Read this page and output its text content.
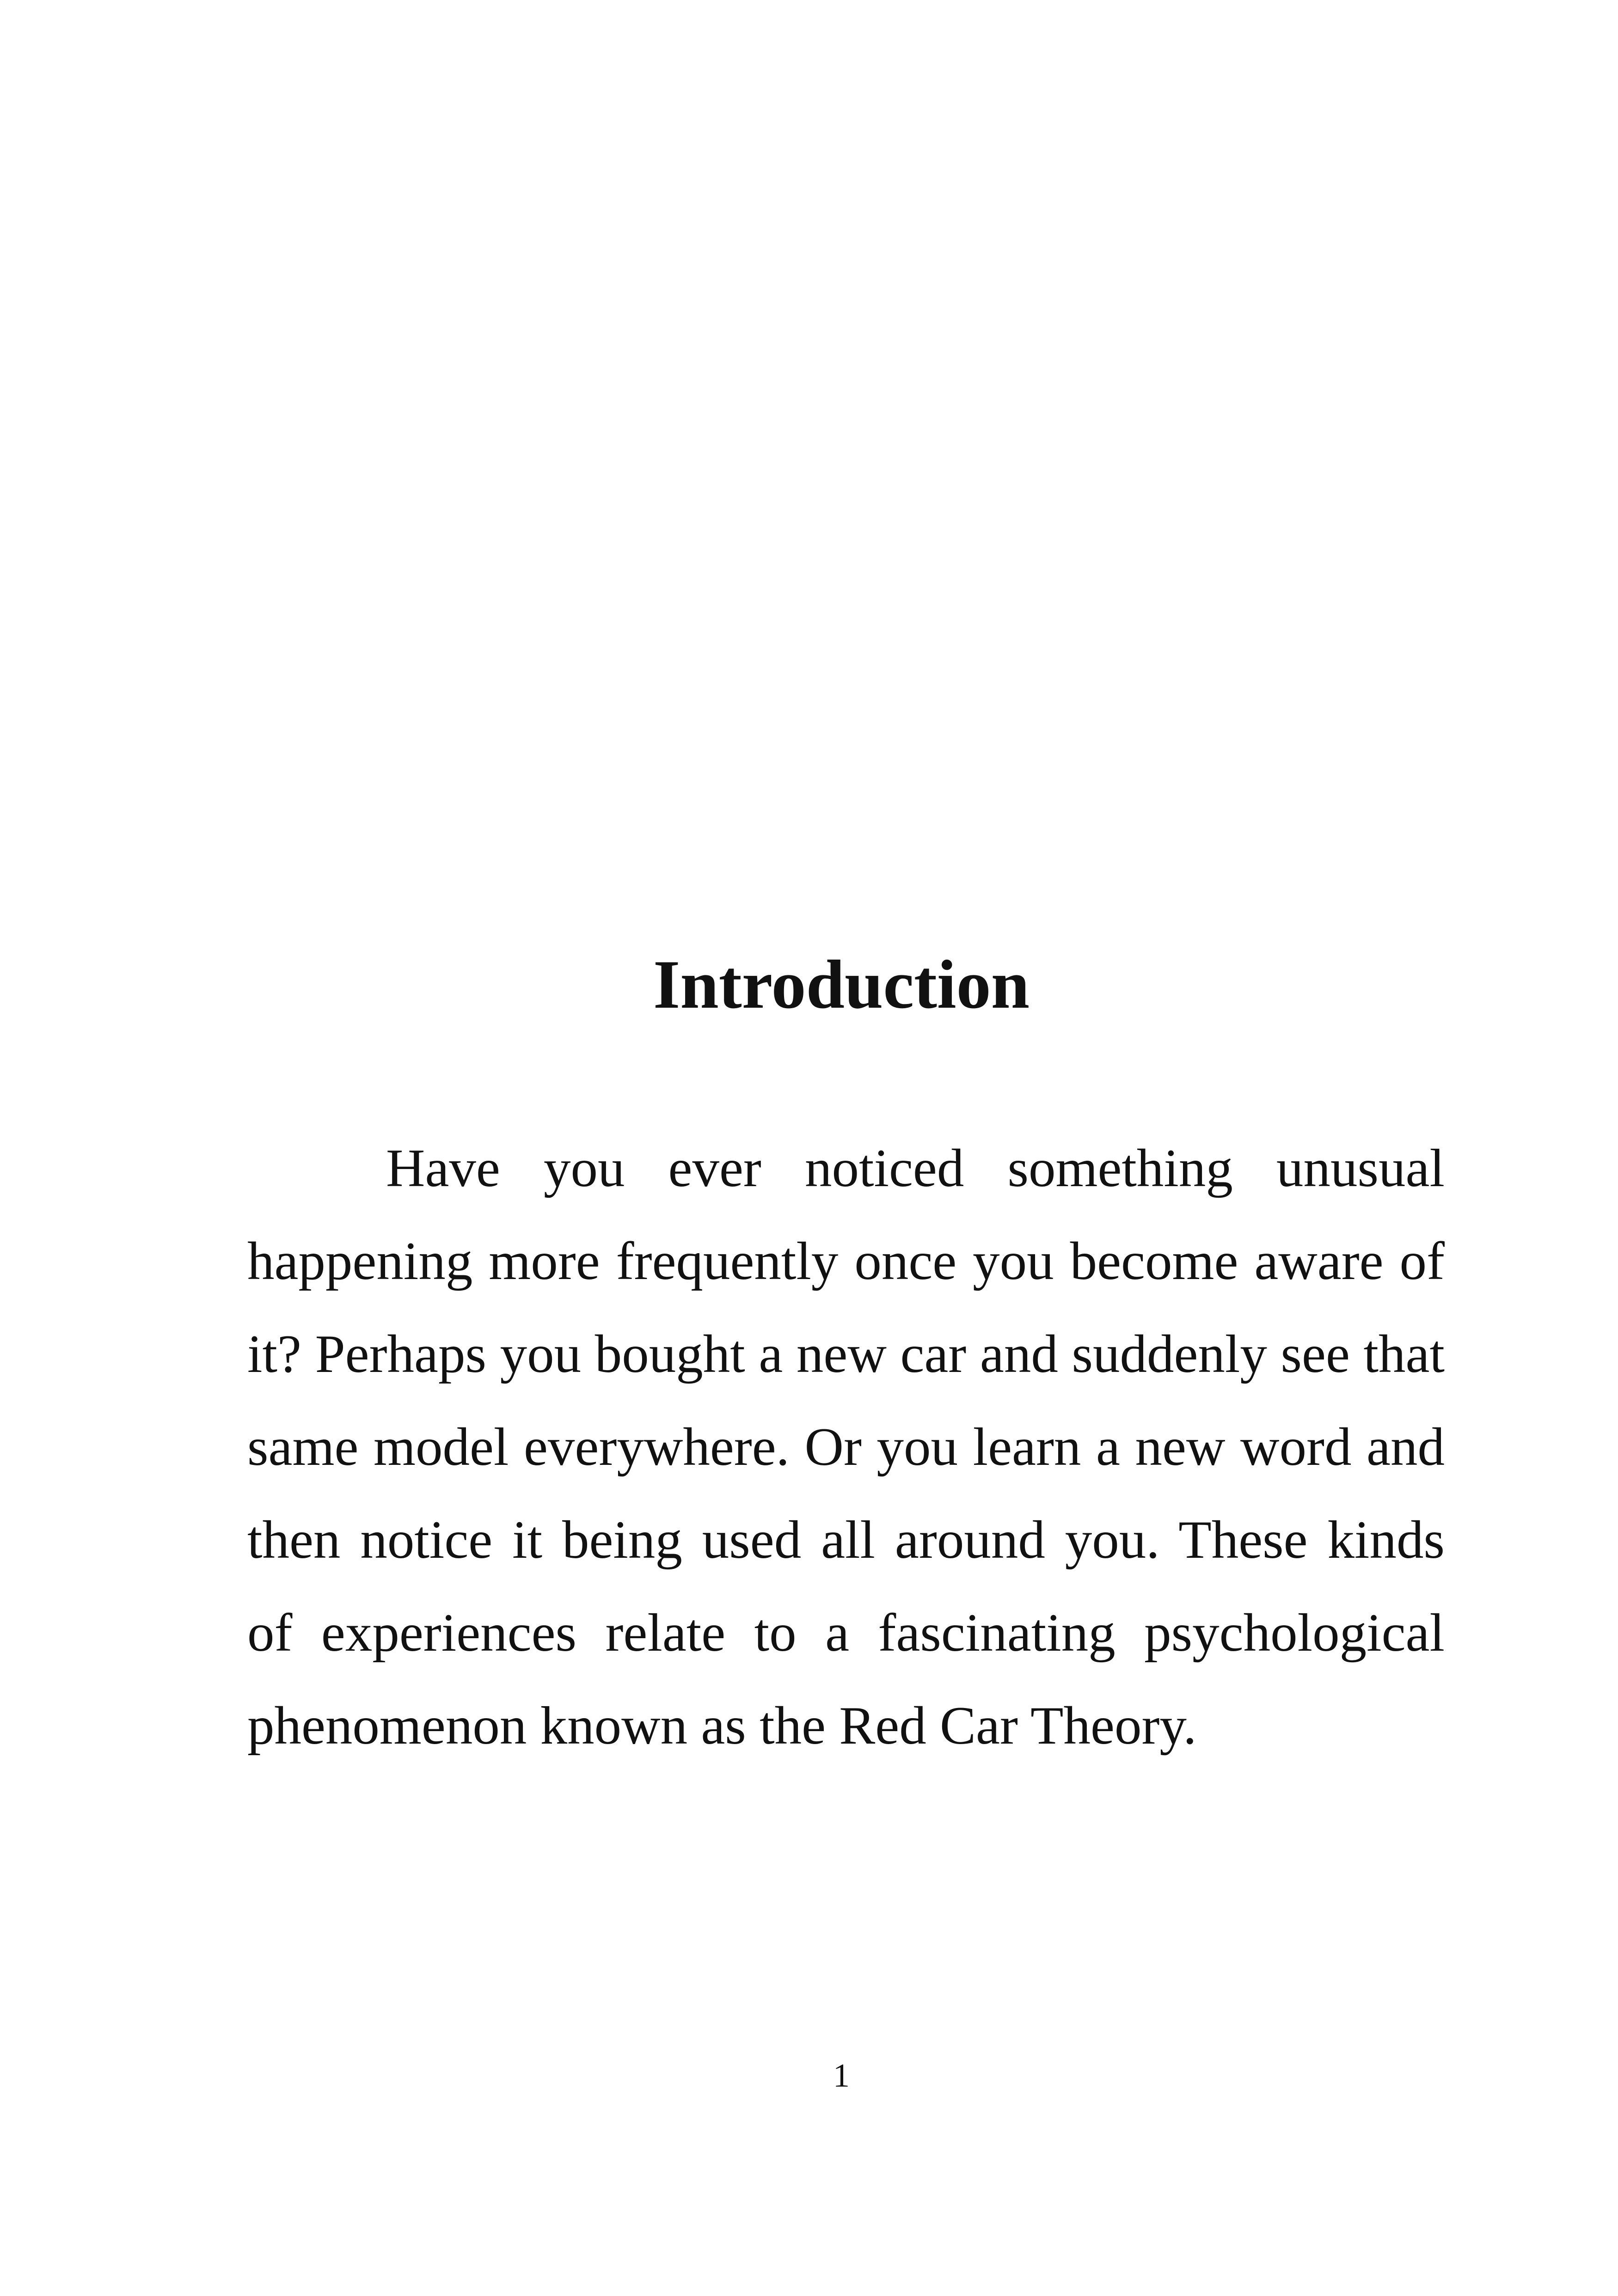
Introduction

Have you ever noticed something unusual happening more frequently once you become aware of it? Perhaps you bought a new car and suddenly see that same model everywhere. Or you learn a new word and then notice it being used all around you. These kinds of experiences relate to a fascinating psychological phenomenon known as the Red Car Theory.

1
